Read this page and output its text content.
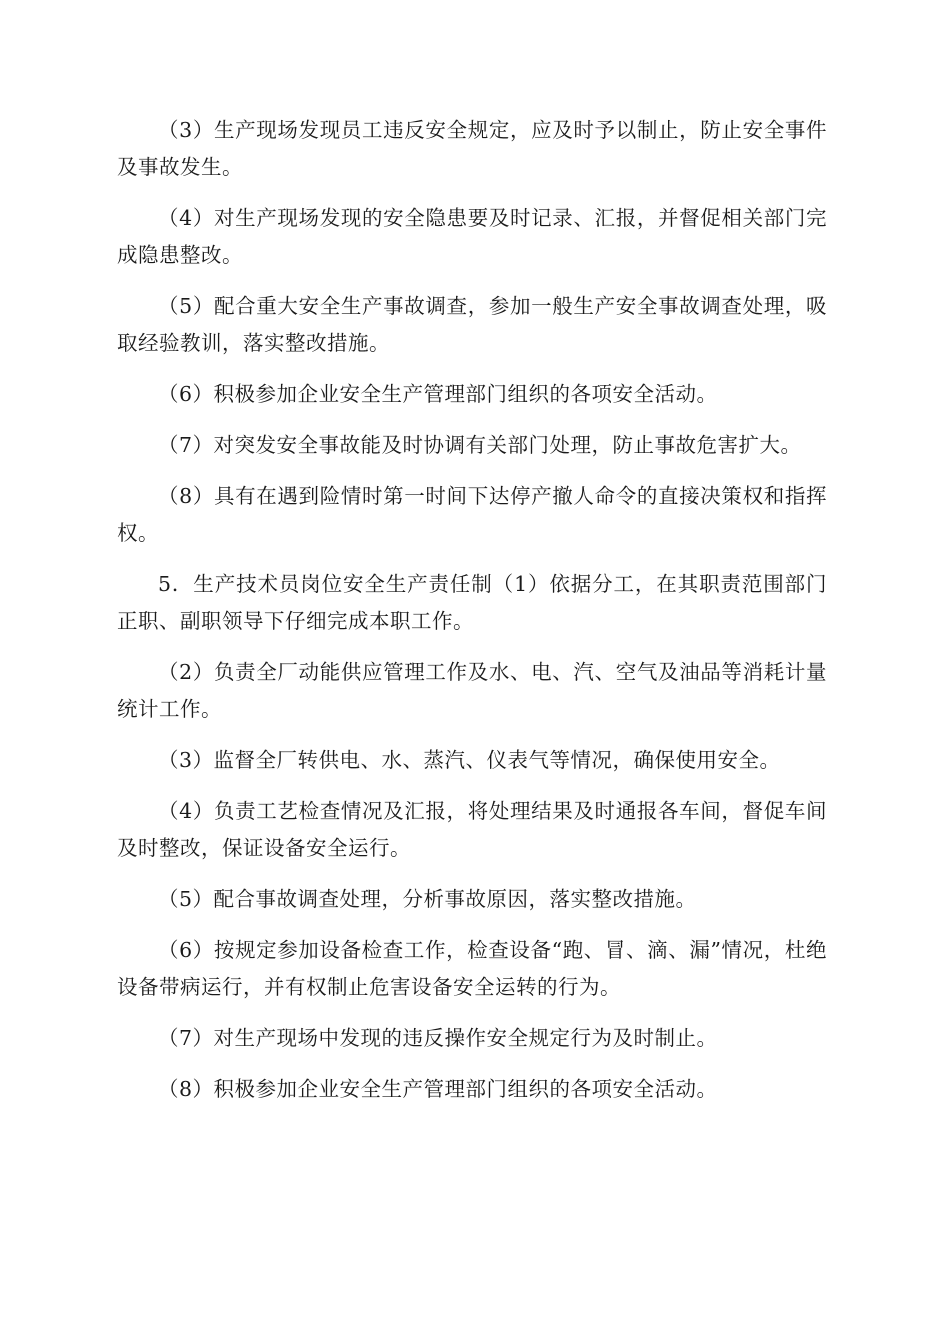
（3）生产现场发现员工违反安全规定，应及时予以制止，防止安全事件及事故发生。

（4）对生产现场发现的安全隐患要及时记录、汇报，并督促相关部门完成隐患整改。

（5）配合重大安全生产事故调查，参加一般生产安全事故调查处理，吸取经验教训，落实整改措施。

（6）积极参加企业安全生产管理部门组织的各项安全活动。

（7）对突发安全事故能及时协调有关部门处理，防止事故危害扩大。

（8）具有在遇到险情时第一时间下达停产撤人命令的直接决策权和指挥权。

5．生产技术员岗位安全生产责任制（1）依据分工，在其职责范围部门正职、副职领导下仔细完成本职工作。

（2）负责全厂动能供应管理工作及水、电、汽、空气及油品等消耗计量统计工作。

（3）监督全厂转供电、水、蒸汽、仪表气等情况，确保使用安全。

（4）负责工艺检查情况及汇报，将处理结果及时通报各车间，督促车间及时整改，保证设备安全运行。

（5）配合事故调查处理，分析事故原因，落实整改措施。

（6）按规定参加设备检查工作，检查设备“跑、冒、滴、漏”情况，杜绝设备带病运行，并有权制止危害设备安全运转的行为。

（7）对生产现场中发现的违反操作安全规定行为及时制止。

（8）积极参加企业安全生产管理部门组织的各项安全活动。
